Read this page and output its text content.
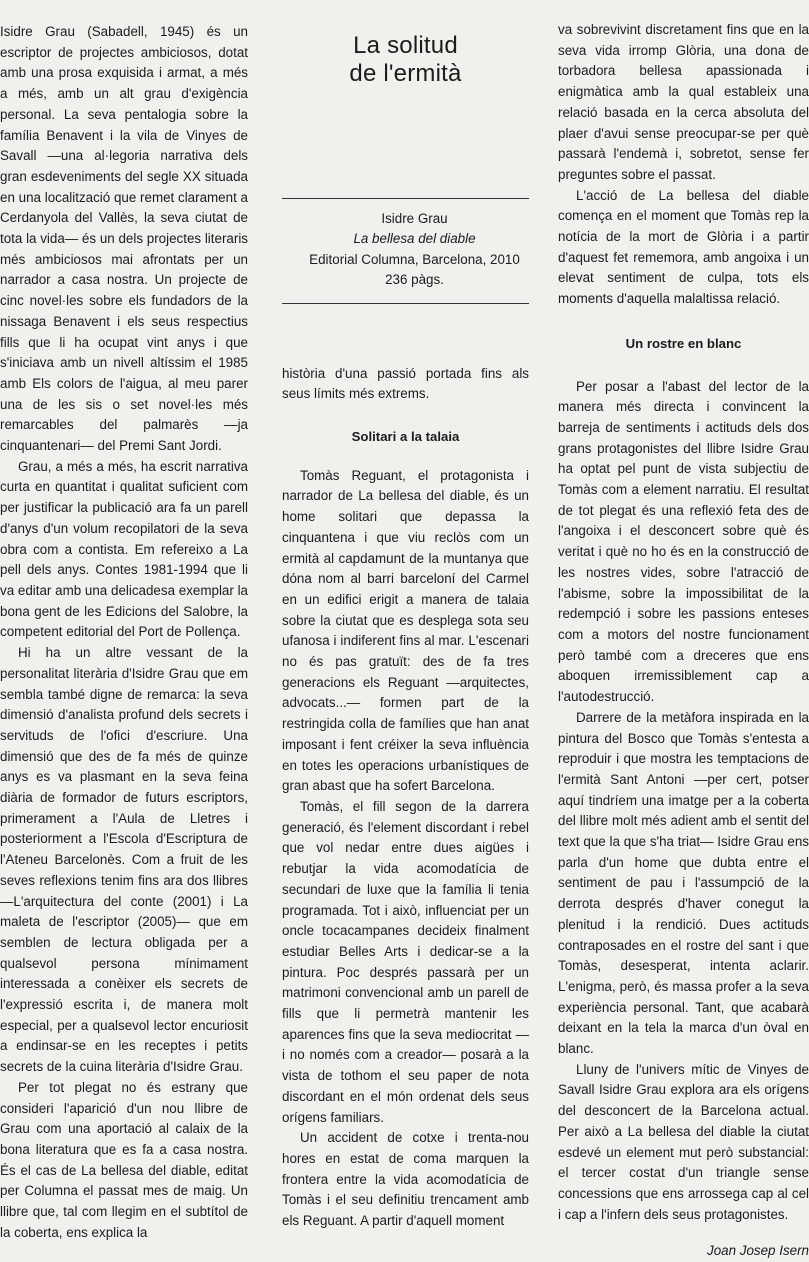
Isidre Grau (Sabadell, 1945) és un escriptor de projectes ambiciosos, dotat amb una prosa exquisida i armat, a més a més, amb un alt grau d'exigència personal. La seva pentalogia sobre la família Benavent i la vila de Vinyes de Savall —una al·legoria narrativa dels gran esdeveniments del segle XX situada en una localització que remet clarament a Cerdanyola del Vallès, la seva ciutat de tota la vida— és un dels projectes literaris més ambiciosos mai afrontats per un narrador a casa nostra. Un projecte de cinc novel·les sobre els fundadors de la nissaga Benavent i els seus respectius fills que li ha ocupat vint anys i que s'iniciava amb un nivell altíssim el 1985 amb Els colors de l'aigua, al meu parer una de les sis o set novel·les més remarcables del palmarès —ja cinquantenari— del Premi Sant Jordi.

Grau, a més a més, ha escrit narrativa curta en quantitat i qualitat suficient com per justificar la publicació ara fa un parell d'anys d'un volum recopilatori de la seva obra com a contista. Em refereixo a La pell dels anys. Contes 1981-1994 que li va editar amb una delicadesa exemplar la bona gent de les Edicions del Salobre, la competent editorial del Port de Pollença.

Hi ha un altre vessant de la personalitat literària d'Isidre Grau que em sembla també digne de remarca: la seva dimensió d'analista profund dels secrets i servituds de l'ofici d'escriure. Una dimensió que des de fa més de quinze anys es va plasmant en la seva feina diària de formador de futurs escriptors, primerament a l'Aula de Lletres i posteriorment a l'Escola d'Escriptura de l'Ateneu Barcelonès. Com a fruit de les seves reflexions tenim fins ara dos llibres —L'arquitectura del conte (2001) i La maleta de l'escriptor (2005)— que em semblen de lectura obligada per a qualsevol persona mínimament interessada a conèixer els secrets de l'expressió escrita i, de manera molt especial, per a qualsevol lector encuriosit a endinsar-se en les receptes i petits secrets de la cuina literària d'Isidre Grau.

Per tot plegat no és estrany que consideri l'aparició d'un nou llibre de Grau com una aportació al calaix de la bona literatura que es fa a casa nostra. És el cas de La bellesa del diable, editat per Columna el passat mes de maig. Un llibre que, tal com llegim en el subtítol de la coberta, ens explica la

La solitud
de l'ermità

Isidre Grau

La bellesa del diable

Editorial Columna, Barcelona, 2010

236 pàgs.

història d'una passió portada fins als seus límits més extrems.

Solitari a la talaia

Tomàs Reguant, el protagonista i narrador de La bellesa del diable, és un home solitari que depassa la cinquantena i que viu reclòs com un ermità al capdamunt de la muntanya que dóna nom al barri barceloní del Carmel en un edifici erigit a manera de talaia sobre la ciutat que es desplega sota seu ufanosa i indiferent fins al mar. L'escenari no és pas gratuït: des de fa tres generacions els Reguant —arquitectes, advocats...— formen part de la restringida colla de famílies que han anat imposant i fent créixer la seva influència en totes les operacions urbanístiques de gran abast que ha sofert Barcelona.

Tomàs, el fill segon de la darrera generació, és l'element discordant i rebel que vol nedar entre dues aigües i rebutjar la vida acomodatícia de secundari de luxe que la família li tenia programada. Tot i això, influenciat per un oncle tocacampanes decideix finalment estudiar Belles Arts i dedicar-se a la pintura. Poc després passarà per un matrimoni convencional amb un parell de fills que li permetrà mantenir les aparences fins que la seva mediocritat —i no només com a creador— posarà a la vista de tothom el seu paper de nota discordant en el món ordenat dels seus orígens familiars.

Un accident de cotxe i trenta-nou hores en estat de coma marquen la frontera entre la vida acomodatícia de Tomàs i el seu definitiu trencament amb els Reguant. A partir d'aquell moment

va sobrevivint discretament fins que en la seva vida irromp Glòria, una dona de torbadora bellesa apassionada i enigmàtica amb la qual estableix una relació basada en la cerca absoluta del plaer d'avui sense preocupar-se per què passarà l'endemà i, sobretot, sense fer preguntes sobre el passat.

L'acció de La bellesa del diable comença en el moment que Tomàs rep la notícia de la mort de Glòria i a partir d'aquest fet rememora, amb angoixa i un elevat sentiment de culpa, tots els moments d'aquella malaltissa relació.

Un rostre en blanc

Per posar a l'abast del lector de la manera més directa i convincent la barreja de sentiments i actituds dels dos grans protagonistes del llibre Isidre Grau ha optat pel punt de vista subjectiu de Tomàs com a element narratiu. El resultat de tot plegat és una reflexió feta des de l'angoixa i el desconcert sobre què és veritat i què no ho és en la construcció de les nostres vides, sobre l'atracció de l'abisme, sobre la impossibilitat de la redempció i sobre les passions enteses com a motors del nostre funcionament però també com a dreceres que ens aboquen irremissiblement cap a l'autodestrucció.

Darrere de la metàfora inspirada en la pintura del Bosco que Tomàs s'entesta a reproduir i que mostra les temptacions de l'ermità Sant Antoni —per cert, potser aquí tindríem una imatge per a la coberta del llibre molt més adient amb el sentit del text que la que s'ha triat— Isidre Grau ens parla d'un home que dubta entre el sentiment de pau i l'assumpció de la derrota després d'haver conegut la plenitud i la rendició. Dues actituds contraposades en el rostre del sant i que Tomàs, desesperat, intenta aclarir. L'enigma, però, és massa profer a la seva experiència personal. Tant, que acabarà deixant en la tela la marca d'un òval en blanc.

Lluny de l'univers mític de Vinyes de Savall Isidre Grau explora ara els orígens del desconcert de la Barcelona actual. Per això a La bellesa del diable la ciutat esdevé un element mut però substancial: el tercer costat d'un triangle sense concessions que ens arrossega cap al cel i cap a l'infern dels seus protagonistes.

Joan Josep Isern
